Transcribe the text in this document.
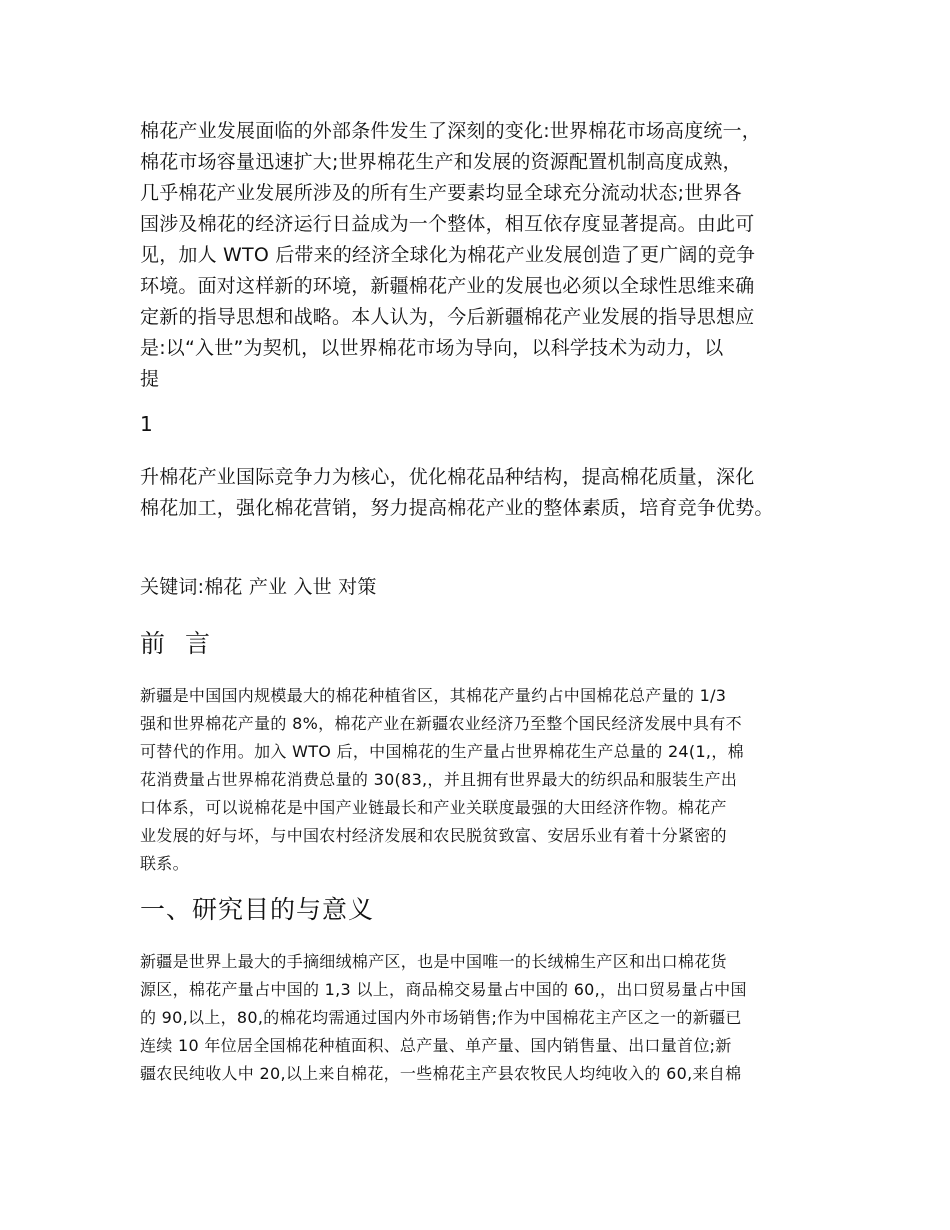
棉花产业发展面临的外部条件发生了深刻的变化:世界棉花市场高度统一，
棉花市场容量迅速扩大;世界棉花生产和发展的资源配置机制高度成熟，
几乎棉花产业发展所涉及的所有生产要素均显全球充分流动状态;世界各
国涉及棉花的经济运行日益成为一个整体，相互依存度显著提高。由此可
见，加人 WTO 后带来的经济全球化为棉花产业发展创造了更广阔的竞争
环境。面对这样新的环境，新疆棉花产业的发展也必须以全球性思维来确
定新的指导思想和战略。本人认为，今后新疆棉花产业发展的指导思想应
是:以“入世”为契机，以世界棉花市场为导向，以科学技术为动力，以
提
1
升棉花产业国际竞争力为核心，优化棉花品种结构，提高棉花质量，深化
棉花加工，强化棉花营销，努力提高棉花产业的整体素质，培育竞争优势。
关键词:棉花 产业 入世 对策
前 言
新疆是中国国内规模最大的棉花种植省区，其棉花产量约占中国棉花总产量的 1/3
强和世界棉花产量的 8%，棉花产业在新疆农业经济乃至整个国民经济发展中具有不
可替代的作用。加入 WTO 后，中国棉花的生产量占世界棉花生产总量的 24(1,，棉
花消费量占世界棉花消费总量的 30(83,，并且拥有世界最大的纺织品和服装生产出
口体系，可以说棉花是中国产业链最长和产业关联度最强的大田经济作物。棉花产
业发展的好与坏，与中国农村经济发展和农民脱贫致富、安居乐业有着十分紧密的
联系。
一、研究目的与意义
新疆是世界上最大的手摘细绒棉产区，也是中国唯一的长绒棉生产区和出口棉花货
源区，棉花产量占中国的 1,3 以上，商品棉交易量占中国的 60,，出口贸易量占中国
的 90,以上，80,的棉花均需通过国内外市场销售;作为中国棉花主产区之一的新疆已
连续 10 年位居全国棉花种植面积、总产量、单产量、国内销售量、出口量首位;新
疆农民纯收人中 20,以上来自棉花，一些棉花主产县农牧民人均纯收入的 60,来自棉
